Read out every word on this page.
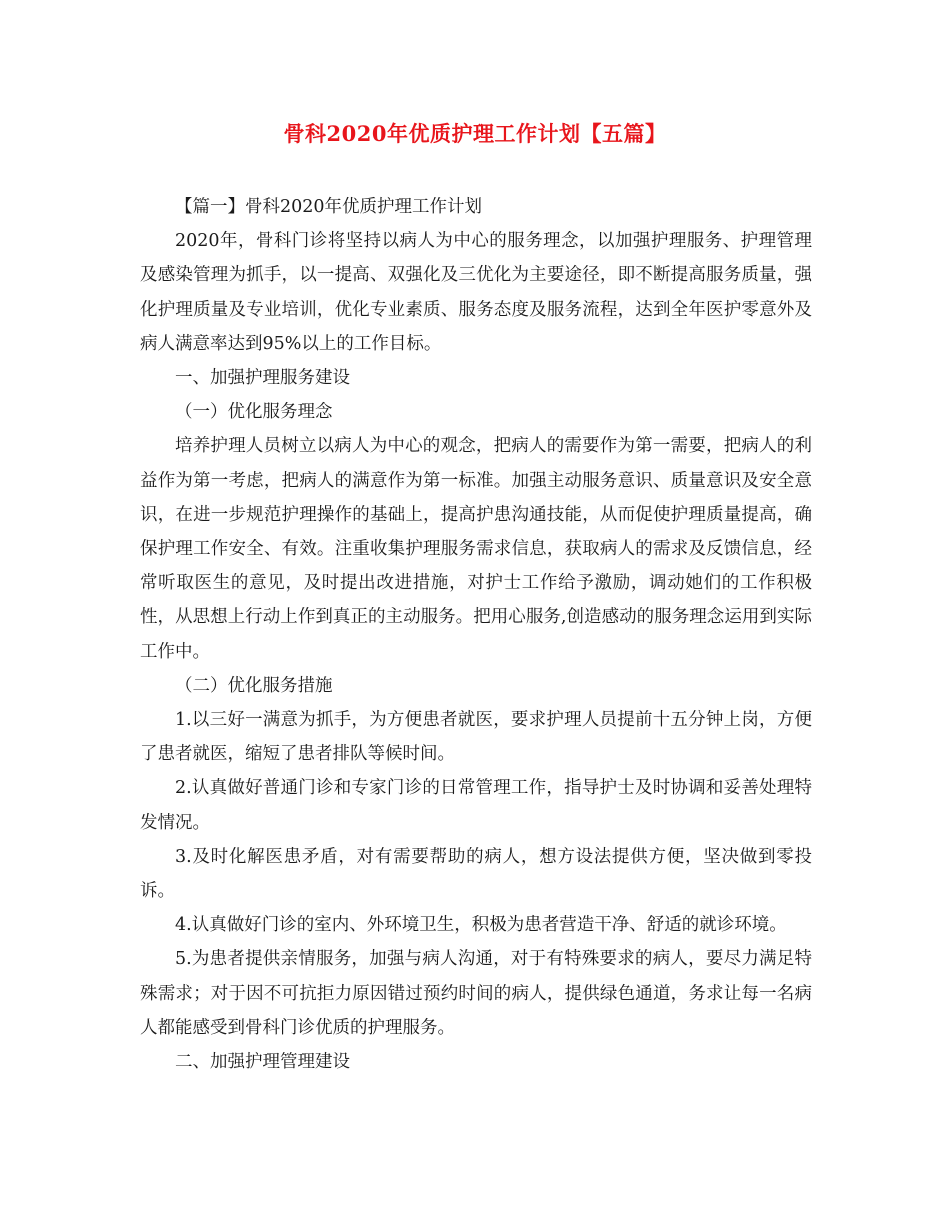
骨科2020年优质护理工作计划【五篇】

【篇一】骨科2020年优质护理工作计划

2020年，骨科门诊将坚持以病人为中心的服务理念，以加强护理服务、护理管理及感染管理为抓手，以一提高、双强化及三优化为主要途径，即不断提高服务质量，强化护理质量及专业培训，优化专业素质、服务态度及服务流程，达到全年医护零意外及病人满意率达到95%以上的工作目标。

一、加强护理服务建设

（一）优化服务理念

培养护理人员树立以病人为中心的观念，把病人的需要作为第一需要，把病人的利益作为第一考虑，把病人的满意作为第一标准。加强主动服务意识、质量意识及安全意识，在进一步规范护理操作的基础上，提高护患沟通技能，从而促使护理质量提高，确保护理工作安全、有效。注重收集护理服务需求信息，获取病人的需求及反馈信息，经常听取医生的意见，及时提出改进措施，对护士工作给予激励，调动她们的工作积极性，从思想上行动上作到真正的主动服务。把用心服务,创造感动的服务理念运用到实际工作中。

（二）优化服务措施

1.以三好一满意为抓手，为方便患者就医，要求护理人员提前十五分钟上岗，方便了患者就医，缩短了患者排队等候时间。

2.认真做好普通门诊和专家门诊的日常管理工作，指导护士及时协调和妥善处理特发情况。

3.及时化解医患矛盾，对有需要帮助的病人，想方设法提供方便，坚决做到零投诉。

4.认真做好门诊的室内、外环境卫生，积极为患者营造干净、舒适的就诊环境。

5.为患者提供亲情服务，加强与病人沟通，对于有特殊要求的病人，要尽力满足特殊需求；对于因不可抗拒力原因错过预约时间的病人，提供绿色通道，务求让每一名病人都能感受到骨科门诊优质的护理服务。

二、加强护理管理建设
